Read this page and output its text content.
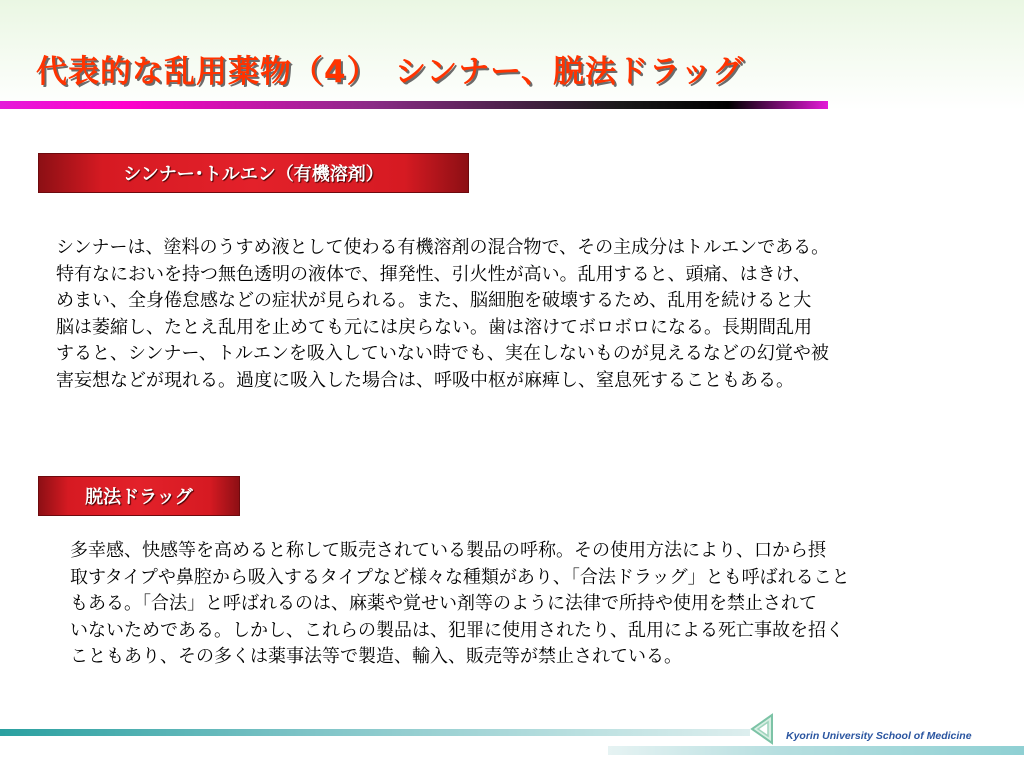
代表的な乱用薬物（4）　シンナー、脱法ドラッグ
シンナー･トルエン（有機溶剤）
シンナーは、塗料のうすめ液として使わる有機溶剤の混合物で、その主成分はトルエンである。
特有なにおいを持つ無色透明の液体で、揮発性、引火性が高い。乱用すると、頭痛、はきけ、
めまい、全身倦怠感などの症状が見られる。また、脳細胞を破壊するため、乱用を続けると大
脳は萎縮し、たとえ乱用を止めても元には戻らない。歯は溶けてボロボロになる。長期間乱用
すると、シンナー、トルエンを吸入していない時でも、実在しないものが見えるなどの幻覚や被
害妄想などが現れる。過度に吸入した場合は、呼吸中枢が麻痺し、窒息死することもある。
脱法ドラッグ
多幸感、快感等を高めると称して販売されている製品の呼称。その使用方法により、口から摂
取すタイプや鼻腔から吸入するタイプなど様々な種類があり、「合法ドラッグ」とも呼ばれること
もある。「合法」と呼ばれるのは、麻薬や覚せい剤等のように法律で所持や使用を禁止されて
いないためである。しかし、これらの製品は、犯罪に使用されたり、乱用による死亡事故を招く
こともあり、その多くは薬事法等で製造、輸入、販売等が禁止されている。
Kyorin University School of Medicine
